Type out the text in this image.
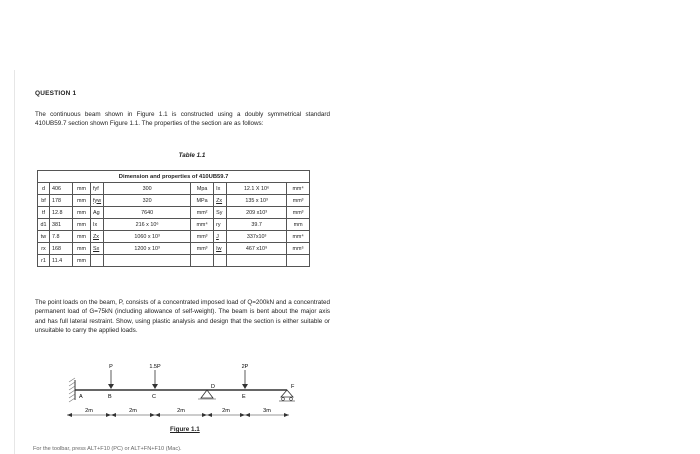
QUESTION 1
The continuous beam shown in Figure 1.1 is constructed using a doubly symmetrical standard 410UB59.7 section shown Figure 1.1. The properties of the section are as follows:
Table 1.1
Dimension and properties of 410UB59.7								
d	406	mm	fyf	300	Mpa	Ix	12.1 X 10⁶	mm⁴
bf	178	mm	fyw	320	MPa	Zx	135 x 10³	mm³
tf	12.8	mm	Ag	7640	mm²	Sy	209 x10³	mm³
d1	381	mm	Ix	216 x 10⁶	mm⁴	ry	39.7	mm
tw	7.8	mm	Zx	1060 x 10³	mm³	J	337x10³	mm⁴
rx	168	mm	Sx	1200 x 10³	mm³	Iw	467 x10⁹	mm⁶
r1	11.4	mm						
The point loads on the beam, P, consists of a concentrated imposed load of Q=200kN and a concentrated permanent load of G=75kN (including allowance of self-weight). The beam is bent about the major axis and has full lateral restraint. Show, using plastic analysis and design that the section is either suitable or unsuitable to carry the applied loads.
P	1.5P	2P
A	B	C
D
E
F
2m	2m	2m	2m	3m
Figure 1.1
For the toolbar, press ALT+F10 (PC) or ALT+FN+F10 (Mac).
